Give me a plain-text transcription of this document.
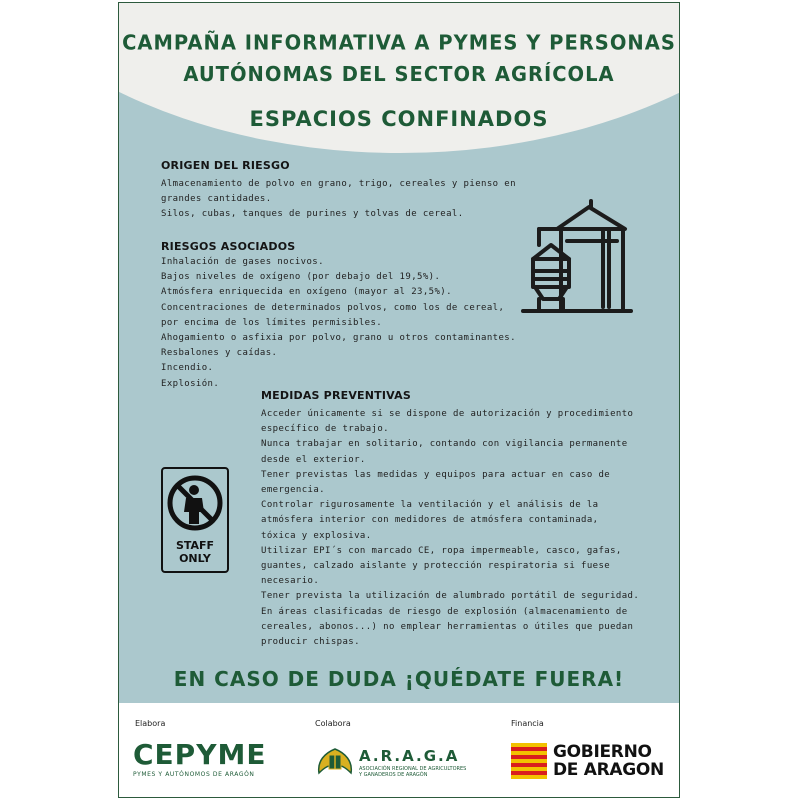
CAMPAÑA INFORMATIVA A PYMES Y PERSONAS
AUTÓNOMAS DEL SECTOR AGRÍCOLA
ESPACIOS CONFINADOS
ORIGEN DEL RIESGO
Almacenamiento de polvo en grano, trigo, cereales y pienso en
grandes cantidades.
Silos, cubas, tanques de purines y tolvas de cereal.
RIESGOS ASOCIADOS
Inhalación de gases nocivos.
Bajos niveles de oxígeno (por debajo del 19,5%).
Atmósfera enriquecida en oxígeno (mayor al 23,5%).
Concentraciones de determinados polvos, como los de cereal,
por encima de los límites permisibles.
Ahogamiento o asfixia por polvo, grano u otros contaminantes.
Resbalones y caídas.
Incendio.
Explosión.
STAFF
ONLY
MEDIDAS PREVENTIVAS
Acceder únicamente si se dispone de autorización y procedimiento
específico de trabajo.
Nunca trabajar en solitario, contando con vigilancia permanente
desde el exterior.
Tener previstas las medidas y equipos para actuar en caso de
emergencia.
Controlar rigurosamente la ventilación y el análisis de la
atmósfera interior con medidores de atmósfera contaminada,
tóxica y explosiva.
Utilizar EPI´s con marcado CE, ropa impermeable, casco, gafas,
guantes, calzado aislante y protección respiratoria si fuese
necesario.
Tener prevista la utilización de alumbrado portátil de seguridad.
En áreas clasificadas de riesgo de explosión (almacenamiento de
cereales, abonos...) no emplear herramientas o útiles que puedan
producir chispas.
EN CASO DE DUDA ¡QUÉDATE FUERA!
Elabora	Colabora	Financia
CEPYME
PYMES Y AUTÓNOMOS DE ARAGÓN
A.R.A.G.A
ASOCIACIÓN REGIONAL DE AGRICULTORES
Y GANADEROS DE ARAGÓN
GOBIERNO
DE ARAGON
